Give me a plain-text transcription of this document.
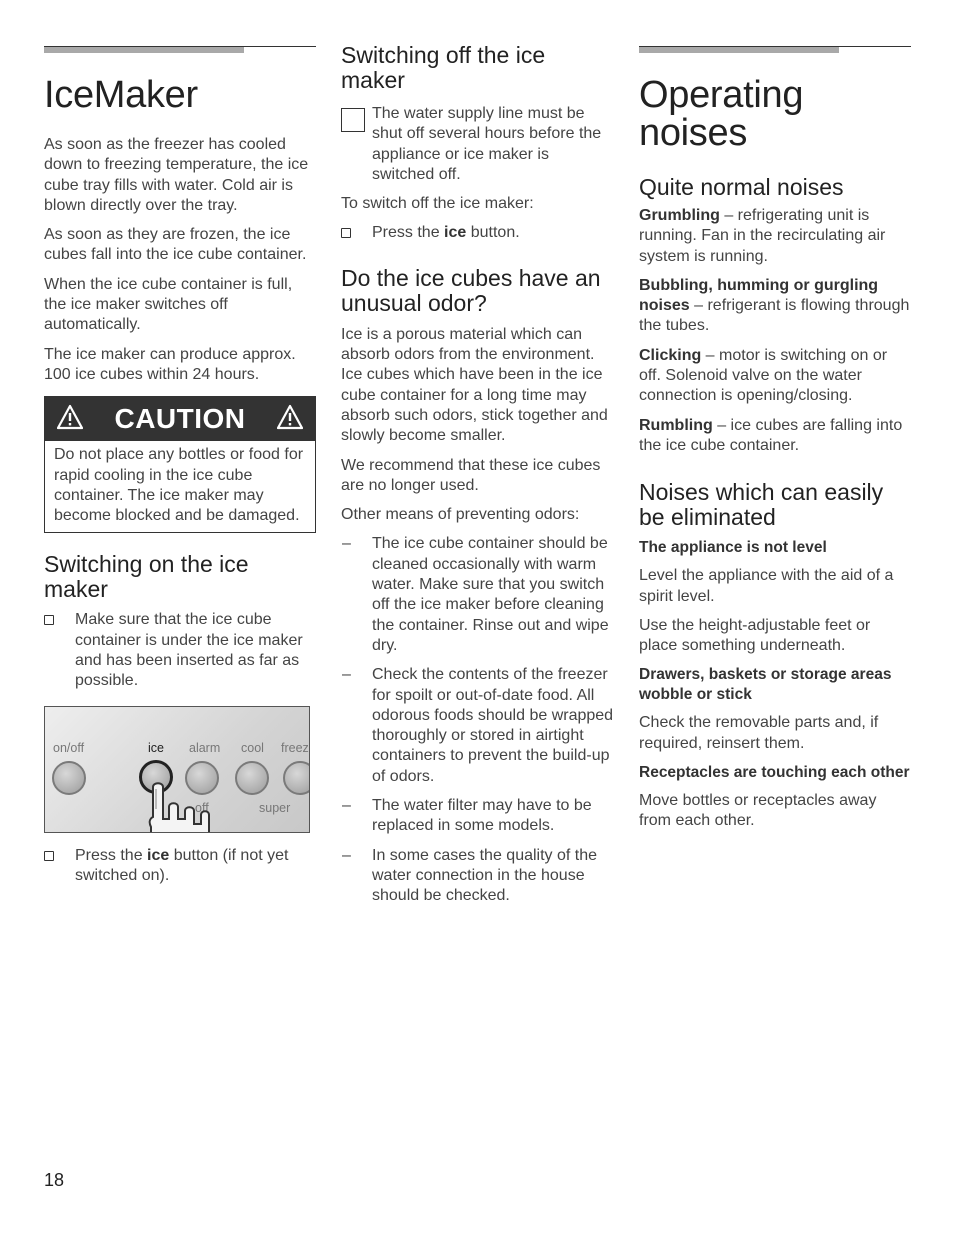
IceMaker

As soon as the freezer has cooled down to freezing temperature, the ice cube tray fills with water. Cold air is blown directly over the tray.

As soon as they are frozen, the ice cubes fall into the ice cube container.

When the ice cube container is full, the ice maker switches off automatically.

The ice maker can produce approx. 100 ice cubes within 24 hours.

CAUTION

Do not place any bottles or food for rapid cooling in the ice cube container. The ice maker may become blocked and be damaged.

Switching on the ice maker
Make sure that the ice cube container is under the ice maker and has been inserted as far as possible.
on/off	ice alarm cool freez
off	super
Press the ice button (if not yet switched on).
Switching off the ice maker

The water supply line must be shut off several hours before the appliance or ice maker is switched off.

To switch off the ice maker:

Press the ice button.
Do the ice cubes have an unusual odor?

Ice is a porous material which can absorb odors from the environment. Ice cubes which have been in the ice cube container for a long time may absorb such odors, stick together and slowly become smaller.

We recommend that these ice cubes are no longer used.

Other means of preventing odors:

– The ice cube container should be cleaned occasionally with warm water. Make sure that you switch off the ice maker before cleaning the container. Rinse out and wipe dry.
– Check the contents of the freezer for spoilt or out-of-date food. All odorous foods should be wrapped thoroughly or stored in airtight containers to prevent the build-up of odors.
– The water filter may have to be replaced in some models.
– In some cases the quality of the water connection in the house should be checked.
Operating noises
Quite normal noises

Grumbling – refrigerating unit is running. Fan in the recirculating air system is running.

Bubbling, humming or gurgling noises – refrigerant is flowing through the tubes.

Clicking – motor is switching on or off. Solenoid valve on the water connection is opening/closing.

Rumbling – ice cubes are falling into the ice cube container.

Noises which can easily be eliminated
The appliance is not level

Level the appliance with the aid of a spirit level.

Use the height-adjustable feet or place something underneath.

Drawers, baskets or storage areas wobble or stick

Check the removable parts and, if required, reinsert them.

Receptacles are touching each other

Move bottles or receptacles away from each other.

18
